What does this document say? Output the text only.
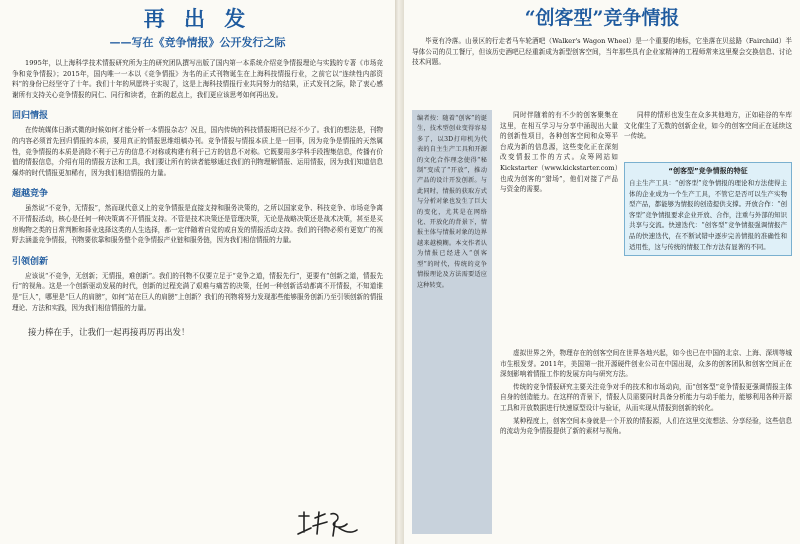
再 出 发
——写在《竞争情报》公开发行之际

1995年，以上海科学技术情报研究所为主的研究团队撰写出版了国内第一本系统介绍竞争情报理论与实践的专著《市场竞争和竞争情报》；2015年，国内唯一一本以《竞争情报》为名的正式刊物诞生在上海科技情报行业，之前它以“连续性内部资料”的身份已经坚守了十年。我们十年的夙愿终于实现了，这是上海科技情报行业共同努力的结果，正式发刊之际，除了衷心感谢所有支持关心竞争情报的同仁、同行和读者，在新的起点上，我们更应该思考如何再出发。

回归情报

在传统媒体日渐式微的时候如何才能分析一本情报杂志？况且，国内传统的科技情报期刊已经不少了。我们的想法是，刊物的内容必须首先回归情报的本质，要用真正的情报思维组稿办刊。竞争情报与情报本质上是一回事，因为竞争是情报的天然属性，竞争情报的本质是消除不利于己方的信息不对称或构建有利于己方的信息不对称。它既要用多学科手段搜集信息，传播有价值的情报信息，介绍有用的情报方法和工具，我们要让所有的读者能够通过我们的刊物理解情报、运用情报，因为我们知道信息爆炸的时代情报更加稀有，因为我们相信情报的力量。

超越竞争

虽然说“不竞争，无情报”，然而现代意义上的竞争情报是直接支持和服务决策的，之所以国家竞争、科技竞争、市场竞争离不开情报活动，核心是任何一种决策离不开情报支持。不管是技术决策还是管理决策，无论是战略决策还是战术决策，甚至是买房购物之类的日常判断和择业选择这类的人生选择，都一定伴随着自觉的或自发的情报活动支持。我们的刊物必须有更宽广的视野去涵盖竞争情报，刊物要依靠和服务整个竞争情报产业链和服务链，因为我们相信情报的力量。

引领创新

应该说“不竞争，无创新；无情报，难创新”。我们的刊物不仅要立足于“竞争之道，情报先行”，更要有“创新之道，情报先行”的视角。这是一个创新驱动发展的时代，创新的过程充满了艰难与痛苦的决策，任何一种创新活动都离不开情报，不知道谁是“巨人”，哪里是“巨人的肩膀”，如何“站在巨人的肩膀”上创新？我们的刊物将努力发现那些能够服务创新乃至引领创新的情报理论、方法和实践，因为我们相信情报的力量。

接力棒在手，让我们一起再接再厉再出发！

“创客型”竞争情报

毕竟有冷落。山景区的行走者马车轮酒吧（Walker's Wagon Wheel）是一个重要的地标，它坐落在贝兹路（Fairchild）半导体公司的员工餐厅，但该历史酒吧已经重新成为新型创客空间，当年那些具有企业家精神的工程师常来这里聚会交换信息、讨论技术问题。

编者按：随着“创客”的诞生，技术型创业变得容易多了，以3D打印机为代表的自主生产工具和开源的文化合作理念使得“秘制”变成了“开放”，推动产品的设计开发创新。与此同时，情报的获取方式与分析对象也发生了巨大的变化，尤其是在网络化、开放化的背景下，情报主体与情报对象的边界越来越模糊。本文作者认为情报已经进入“创客型”的时代，传统的竞争情报理论及方法需要适应这种转变。

同时伴随着的有不少的创客聚集在这里，在相互学习与分享中涌现出大量的创新性项目，各种创客空间和众筹平台成为新的信息源，这些变化正在深刻改变情报工作的方式。众筹网站如Kickstarter（www.kickstarter.com）也成为创客的“猎场”，他们对接了产品与资金的需要。

同样的情形也发生在众多其他地方，正如硅谷的车库文化催生了无数的创新企业，如今的创客空间正在延续这一传统。

“创客型”竞争情报的特征

自主生产工具：“创客型”竞争情报的理论和方法使得主体的企业成为一个生产工具，不管它是否可以生产实物型产品，都能够为情报的创造提供支撑。开放合作：“创客型”竞争情报要求企业开放、合作，注重与外部的知识共享与交流。快速迭代：“创客型”竞争情报强调情报产品的快速迭代，在不断试错中逐步完善情报的准确性和适用性，这与传统的情报工作方法有显著的不同。

虚拟世界之外，物理存在的创客空间在世界各地兴起，如今也已在中国的北京、上海、深圳等城市生根发芽。2011年，美国第一批开源硬件创业公司在中国出现，众多的创客团队和创客空间正在深刻影响着情报工作的发展方向与研究方法。

传统的竞争情报研究主要关注竞争对手的技术和市场动向，而“创客型”竞争情报更强调情报主体自身的创造能力。在这样的背景下，情报人员需要同时具备分析能力与动手能力，能够利用各种开源工具和开放数据进行快速原型设计与验证，从而实现从情报到创新的转化。

某种程度上，创客空间本身就是一个开放的情报源，人们在这里交流想法、分享经验，这些信息的流动为竞争情报提供了新的素材与视角。
